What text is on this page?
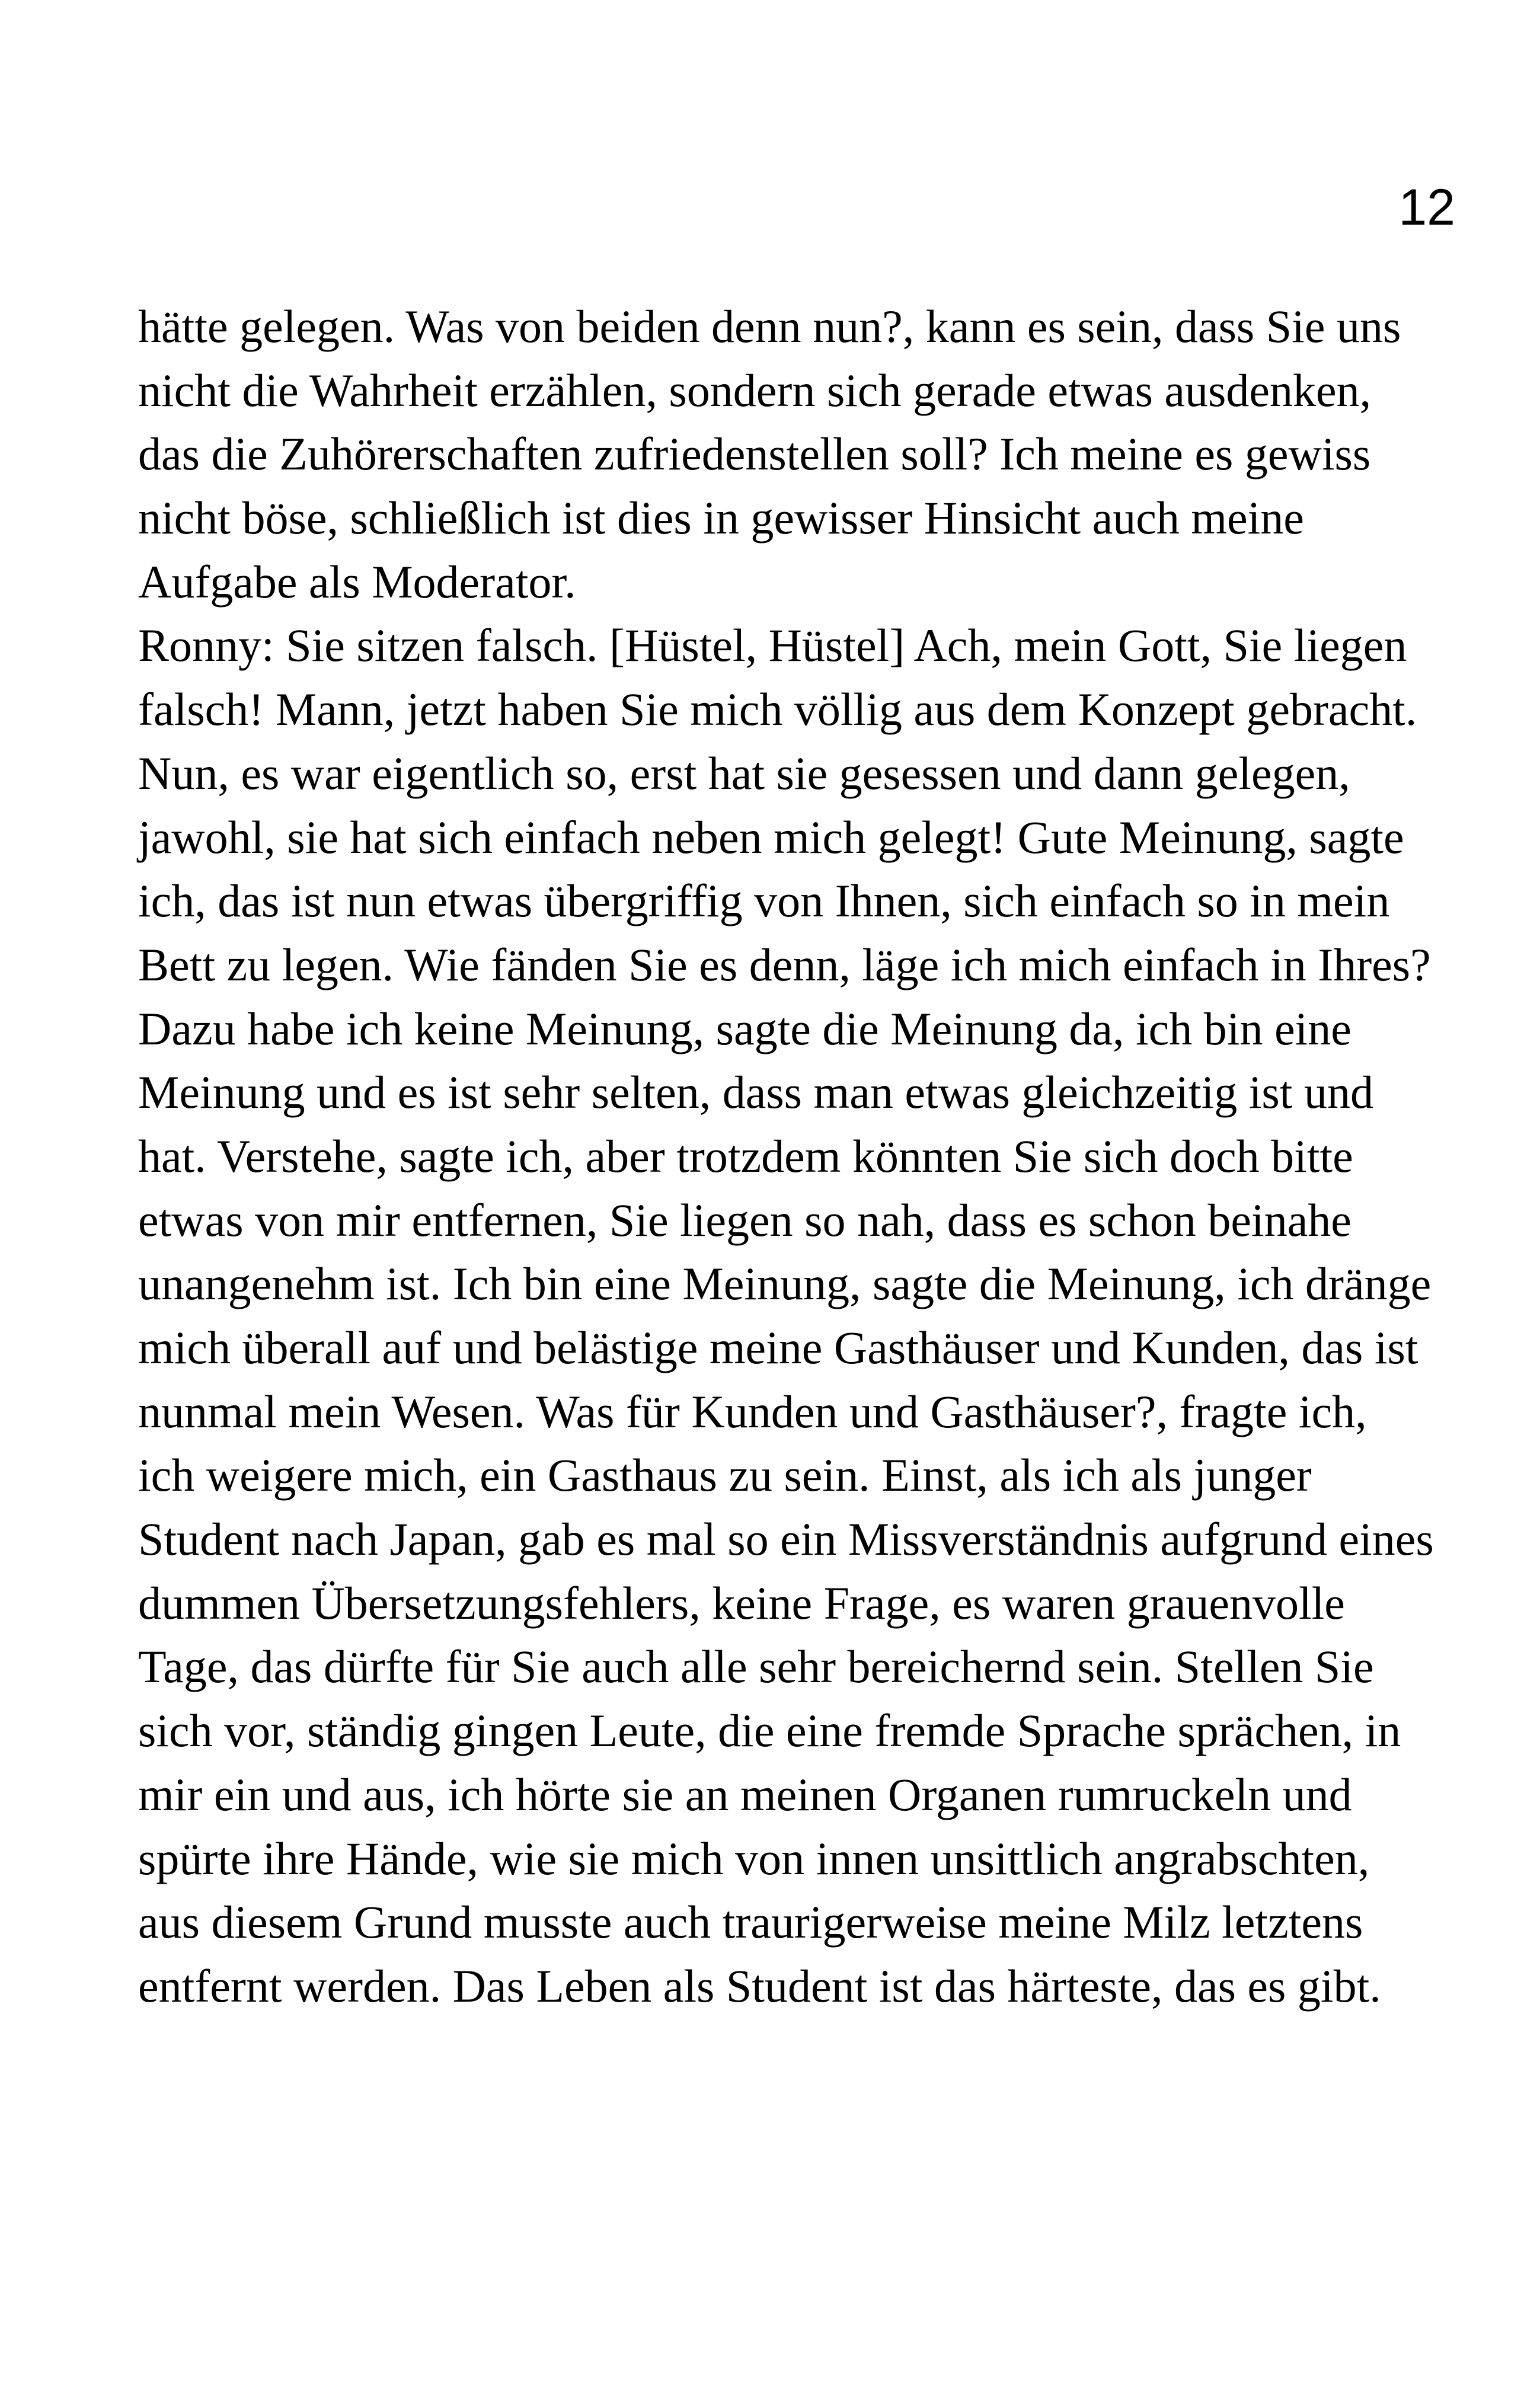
12
hätte gelegen. Was von beiden denn nun?, kann es sein, dass Sie uns
nicht die Wahrheit erzählen, sondern sich gerade etwas ausdenken,
das die Zuhörerschaften zufriedenstellen soll? Ich meine es gewiss
nicht böse, schließlich ist dies in gewisser Hinsicht auch meine
Aufgabe als Moderator.
Ronny: Sie sitzen falsch. [Hüstel, Hüstel] Ach, mein Gott, Sie liegen
falsch! Mann, jetzt haben Sie mich völlig aus dem Konzept gebracht.
Nun, es war eigentlich so, erst hat sie gesessen und dann gelegen,
jawohl, sie hat sich einfach neben mich gelegt! Gute Meinung, sagte
ich, das ist nun etwas übergriffig von Ihnen, sich einfach so in mein
Bett zu legen. Wie fänden Sie es denn, läge ich mich einfach in Ihres?
Dazu habe ich keine Meinung, sagte die Meinung da, ich bin eine
Meinung und es ist sehr selten, dass man etwas gleichzeitig ist und
hat. Verstehe, sagte ich, aber trotzdem könnten Sie sich doch bitte
etwas von mir entfernen, Sie liegen so nah, dass es schon beinahe
unangenehm ist. Ich bin eine Meinung, sagte die Meinung, ich dränge
mich überall auf und belästige meine Gasthäuser und Kunden, das ist
nunmal mein Wesen. Was für Kunden und Gasthäuser?, fragte ich,
ich weigere mich, ein Gasthaus zu sein. Einst, als ich als junger
Student nach Japan, gab es mal so ein Missverständnis aufgrund eines
dummen Übersetzungsfehlers, keine Frage, es waren grauenvolle
Tage, das dürfte für Sie auch alle sehr bereichernd sein. Stellen Sie
sich vor, ständig gingen Leute, die eine fremde Sprache sprächen, in
mir ein und aus, ich hörte sie an meinen Organen rumruckeln und
spürte ihre Hände, wie sie mich von innen unsittlich angrabschten,
aus diesem Grund musste auch traurigerweise meine Milz letztens
entfernt werden. Das Leben als Student ist das härteste, das es gibt.
